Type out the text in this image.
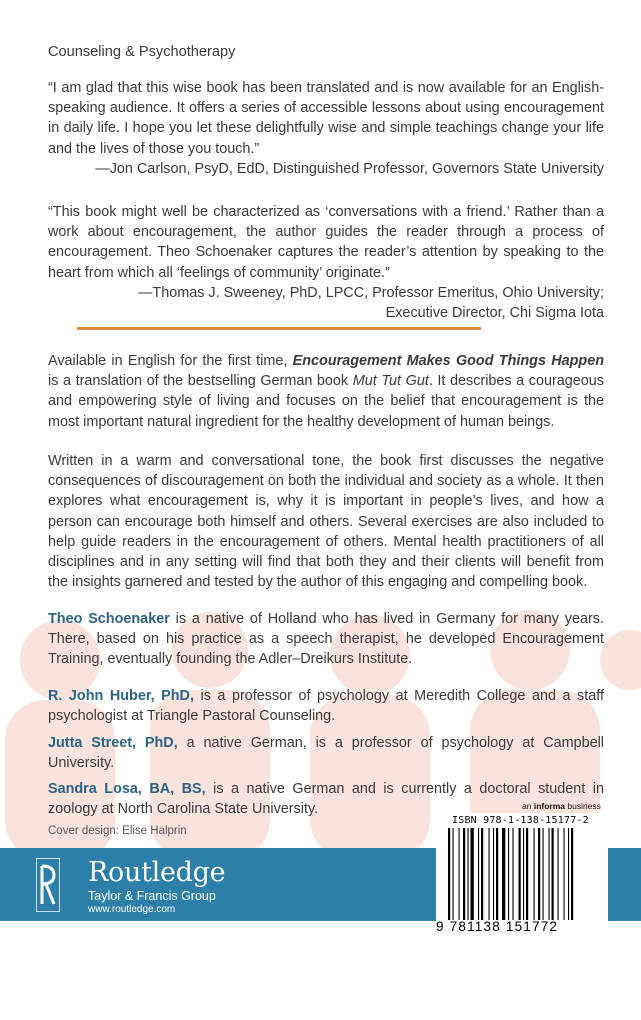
Counseling & Psychotherapy

“I am glad that this wise book has been translated and is now available for an English-speaking audience. It offers a series of accessible lessons about using encouragement in daily life. I hope you let these delightfully wise and simple teachings change your life and the lives of those you touch.”

—Jon Carlson, PsyD, EdD, Distinguished Professor, Governors State University

“This book might well be characterized as ‘conversations with a friend.’ Rather than a work about encouragement, the author guides the reader through a process of encouragement. Theo Schoenaker captures the reader’s attention by speaking to the heart from which all ‘feelings of community’ originate.”

—Thomas J. Sweeney, PhD, LPCC, Professor Emeritus, Ohio University;
Executive Director, Chi Sigma Iota

Available in English for the first time, Encouragement Makes Good Things Happen is a translation of the bestselling German book Mut Tut Gut. It describes a courageous and empowering style of living and focuses on the belief that encouragement is the most important natural ingredient for the healthy development of human beings.

Written in a warm and conversational tone, the book first discusses the negative consequences of discouragement on both the individual and society as a whole. It then explores what encouragement is, why it is important in people’s lives, and how a person can encourage both himself and others. Several exercises are also included to help guide readers in the encouragement of others. Mental health practitioners of all disciplines and in any setting will find that both they and their clients will benefit from the insights garnered and tested by the author of this engaging and compelling book.

Theo Schoenaker is a native of Holland who has lived in Germany for many years. There, based on his practice as a speech therapist, he developed Encouragement Training, eventually founding the Adler–Dreikurs Institute.

R. John Huber, PhD, is a professor of psychology at Meredith College and a staff psychologist at Triangle Pastoral Counseling.

Jutta Street, PhD, a native German, is a professor of psychology at Campbell University.

Sandra Losa, BA, BS, is a native German and is currently a doctoral student in zoology at North Carolina State University.

Cover design: Elise Halprin
Routledge
Taylor & Francis Group
www.routledge.com
an informa business
ISBN 978-1-138-15177-2
9 781138 151772
